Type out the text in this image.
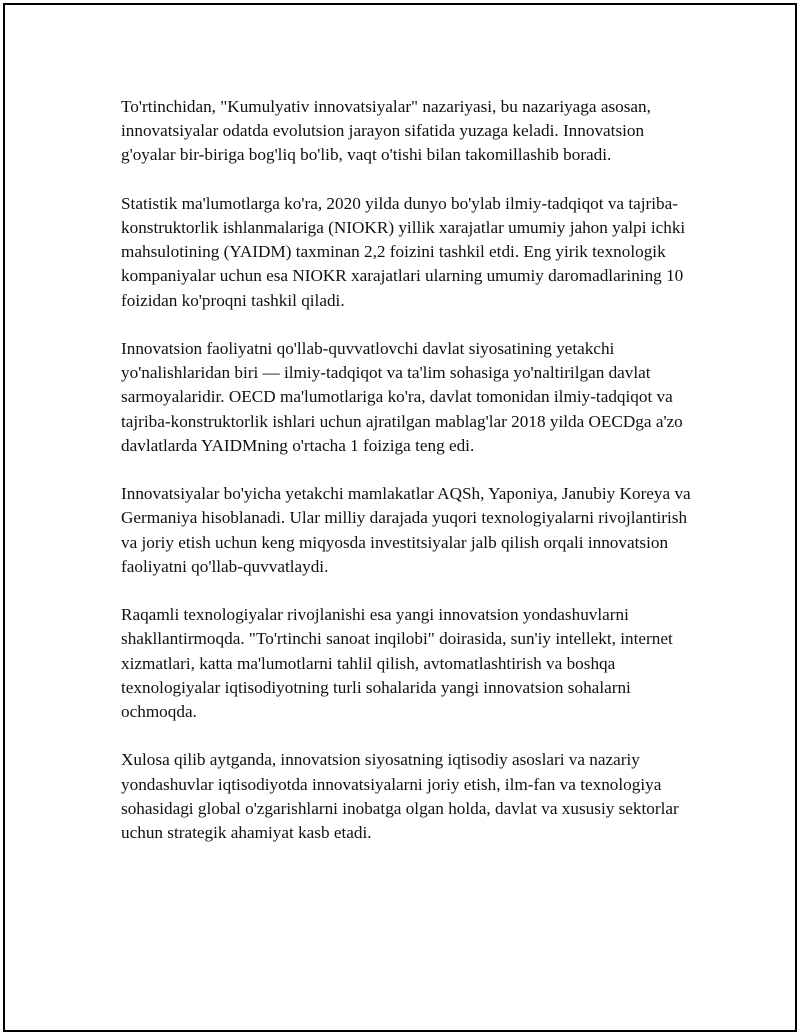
To'rtinchidan, "Kumulyativ innovatsiyalar" nazariyasi, bu nazariyaga asosan, innovatsiyalar odatda evolutsion jarayon sifatida yuzaga keladi. Innovatsion g'oyalar bir-biriga bog'liq bo'lib, vaqt o'tishi bilan takomillashib boradi.

Statistik ma'lumotlarga ko'ra, 2020 yilda dunyo bo'ylab ilmiy-tadqiqot va tajriba-konstruktorlik ishlanmalariga (NIOKR) yillik xarajatlar umumiy jahon yalpi ichki mahsulotining (YAIDM) taxminan 2,2 foizini tashkil etdi. Eng yirik texnologik kompaniyalar uchun esa NIOKR xarajatlari ularning umumiy daromadlarining 10 foizidan ko'proqni tashkil qiladi.

Innovatsion faoliyatni qo'llab-quvvatlovchi davlat siyosatining yetakchi yo'nalishlaridan biri — ilmiy-tadqiqot va ta'lim sohasiga yo'naltirilgan davlat sarmoyalaridir. OECD ma'lumotlariga ko'ra, davlat tomonidan ilmiy-tadqiqot va tajriba-konstruktorlik ishlari uchun ajratilgan mablag'lar 2018 yilda OECDga a'zo davlatlarda YAIDMning o'rtacha 1 foiziga teng edi.

Innovatsiyalar bo'yicha yetakchi mamlakatlar AQSh, Yaponiya, Janubiy Koreya va Germaniya hisoblanadi. Ular milliy darajada yuqori texnologiyalarni rivojlantirish va joriy etish uchun keng miqyosda investitsiyalar jalb qilish orqali innovatsion faoliyatni qo'llab-quvvatlaydi.

Raqamli texnologiyalar rivojlanishi esa yangi innovatsion yondashuvlarni shakllantirmoqda. "To'rtinchi sanoat inqilobi" doirasida, sun'iy intellekt, internet xizmatlari, katta ma'lumotlarni tahlil qilish, avtomatlashtirish va boshqa texnologiyalar iqtisodiyotning turli sohalarida yangi innovatsion sohalarni ochmoqda.

Xulosa qilib aytganda, innovatsion siyosatning iqtisodiy asoslari va nazariy yondashuvlar iqtisodiyotda innovatsiyalarni joriy etish, ilm-fan va texnologiya sohasidagi global o'zgarishlarni inobatga olgan holda, davlat va xususiy sektorlar uchun strategik ahamiyat kasb etadi.
